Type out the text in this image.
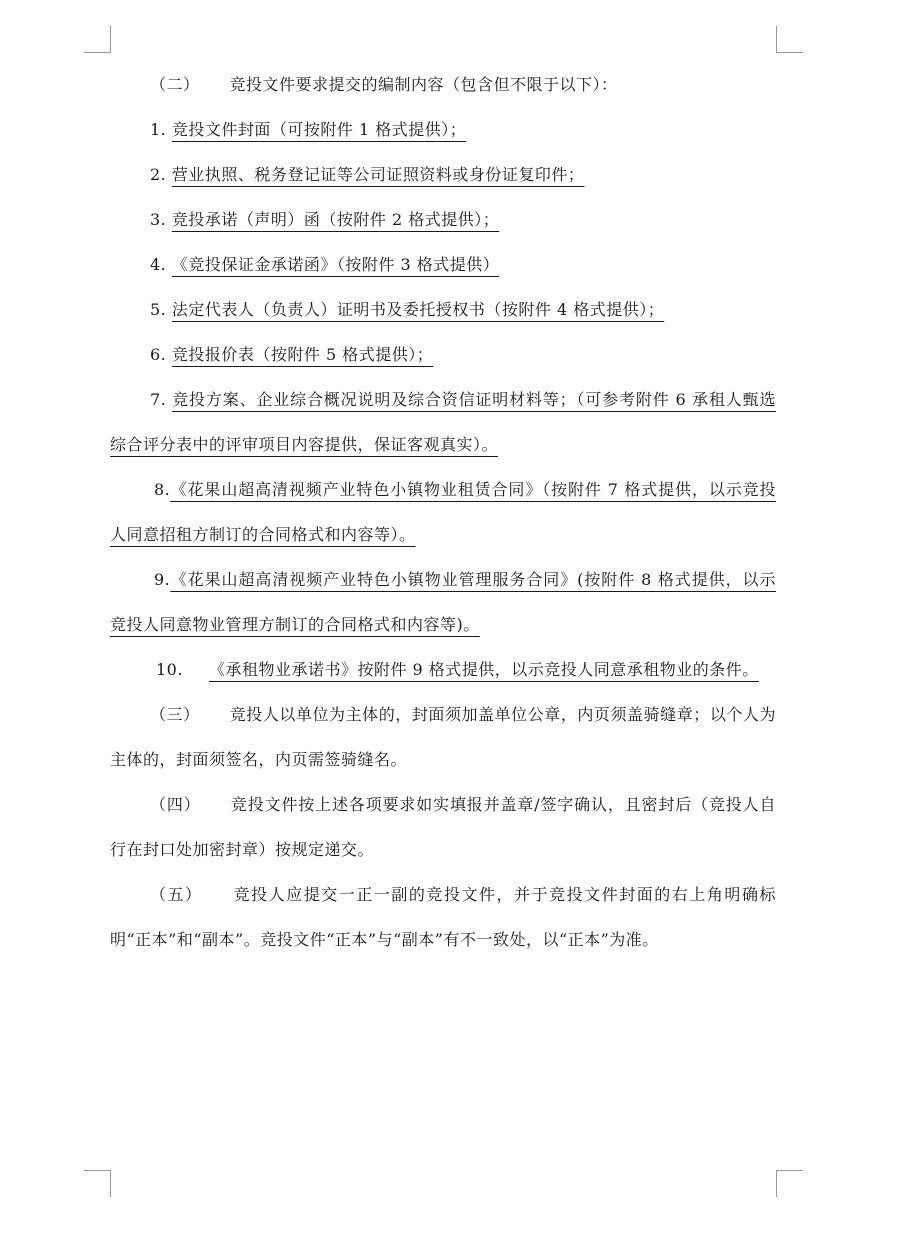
（二） 竞投文件要求提交的编制内容（包含但不限于以下）：

1. 竞投文件封面（可按附件 1 格式提供）；

2. 营业执照、税务登记证等公司证照资料或身份证复印件；

3. 竞投承诺（声明）函（按附件 2 格式提供）；

4. 《竞投保证金承诺函》（按附件 3 格式提供）

5. 法定代表人（负责人）证明书及委托授权书（按附件 4 格式提供）；

6. 竞投报价表（按附件 5 格式提供）；

7. 竞投方案、企业综合概况说明及综合资信证明材料等；（可参考附件 6 承租人甄选综合评分表中的评审项目内容提供，保证客观真实）。

8.《花果山超高清视频产业特色小镇物业租赁合同》（按附件 7 格式提供，以示竞投人同意招租方制订的合同格式和内容等）。

9.《花果山超高清视频产业特色小镇物业管理服务合同》(按附件 8 格式提供，以示竞投人同意物业管理方制订的合同格式和内容等)。

10. 《承租物业承诺书》按附件 9 格式提供，以示竞投人同意承租物业的条件。

（三） 竞投人以单位为主体的，封面须加盖单位公章，内页须盖骑缝章；以个人为主体的，封面须签名，内页需签骑缝名。

（四） 竞投文件按上述各项要求如实填报并盖章/签字确认，且密封后（竞投人自行在封口处加密封章）按规定递交。

（五） 竞投人应提交一正一副的竞投文件，并于竞投文件封面的右上角明确标明“正本”和“副本”。竞投文件“正本”与“副本”有不一致处，以“正本”为准。
